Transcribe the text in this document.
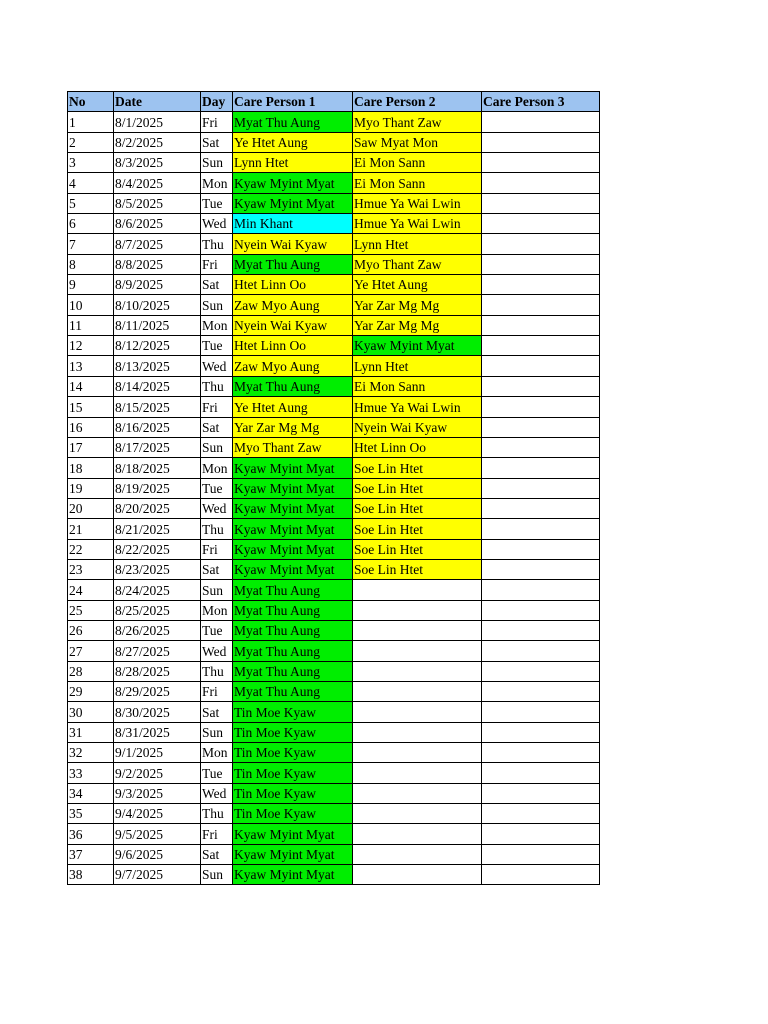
No	Date	Day	Care Person 1	Care Person 2	Care Person 3
1	8/1/2025	Fri	Myat Thu Aung	Myo Thant Zaw	
2	8/2/2025	Sat	Ye Htet Aung	Saw Myat Mon	
3	8/3/2025	Sun	Lynn Htet	Ei Mon Sann	
4	8/4/2025	Mon	Kyaw Myint Myat	Ei Mon Sann	
5	8/5/2025	Tue	Kyaw Myint Myat	Hmue Ya Wai Lwin	
6	8/6/2025	Wed	Min Khant	Hmue Ya Wai Lwin	
7	8/7/2025	Thu	Nyein Wai Kyaw	Lynn Htet	
8	8/8/2025	Fri	Myat Thu Aung	Myo Thant Zaw	
9	8/9/2025	Sat	Htet Linn Oo	Ye Htet Aung	
10	8/10/2025	Sun	Zaw Myo Aung	Yar Zar Mg Mg	
11	8/11/2025	Mon	Nyein Wai Kyaw	Yar Zar Mg Mg	
12	8/12/2025	Tue	Htet Linn Oo	Kyaw Myint Myat	
13	8/13/2025	Wed	Zaw Myo Aung	Lynn Htet	
14	8/14/2025	Thu	Myat Thu Aung	Ei Mon Sann	
15	8/15/2025	Fri	Ye Htet Aung	Hmue Ya Wai Lwin	
16	8/16/2025	Sat	Yar Zar Mg Mg	Nyein Wai Kyaw	
17	8/17/2025	Sun	Myo Thant Zaw	Htet Linn Oo	
18	8/18/2025	Mon	Kyaw Myint Myat	Soe Lin Htet	
19	8/19/2025	Tue	Kyaw Myint Myat	Soe Lin Htet	
20	8/20/2025	Wed	Kyaw Myint Myat	Soe Lin Htet	
21	8/21/2025	Thu	Kyaw Myint Myat	Soe Lin Htet	
22	8/22/2025	Fri	Kyaw Myint Myat	Soe Lin Htet	
23	8/23/2025	Sat	Kyaw Myint Myat	Soe Lin Htet	
24	8/24/2025	Sun	Myat Thu Aung		
25	8/25/2025	Mon	Myat Thu Aung		
26	8/26/2025	Tue	Myat Thu Aung		
27	8/27/2025	Wed	Myat Thu Aung		
28	8/28/2025	Thu	Myat Thu Aung		
29	8/29/2025	Fri	Myat Thu Aung		
30	8/30/2025	Sat	Tin Moe Kyaw		
31	8/31/2025	Sun	Tin Moe Kyaw		
32	9/1/2025	Mon	Tin Moe Kyaw		
33	9/2/2025	Tue	Tin Moe Kyaw		
34	9/3/2025	Wed	Tin Moe Kyaw		
35	9/4/2025	Thu	Tin Moe Kyaw		
36	9/5/2025	Fri	Kyaw Myint Myat		
37	9/6/2025	Sat	Kyaw Myint Myat		
38	9/7/2025	Sun	Kyaw Myint Myat		
